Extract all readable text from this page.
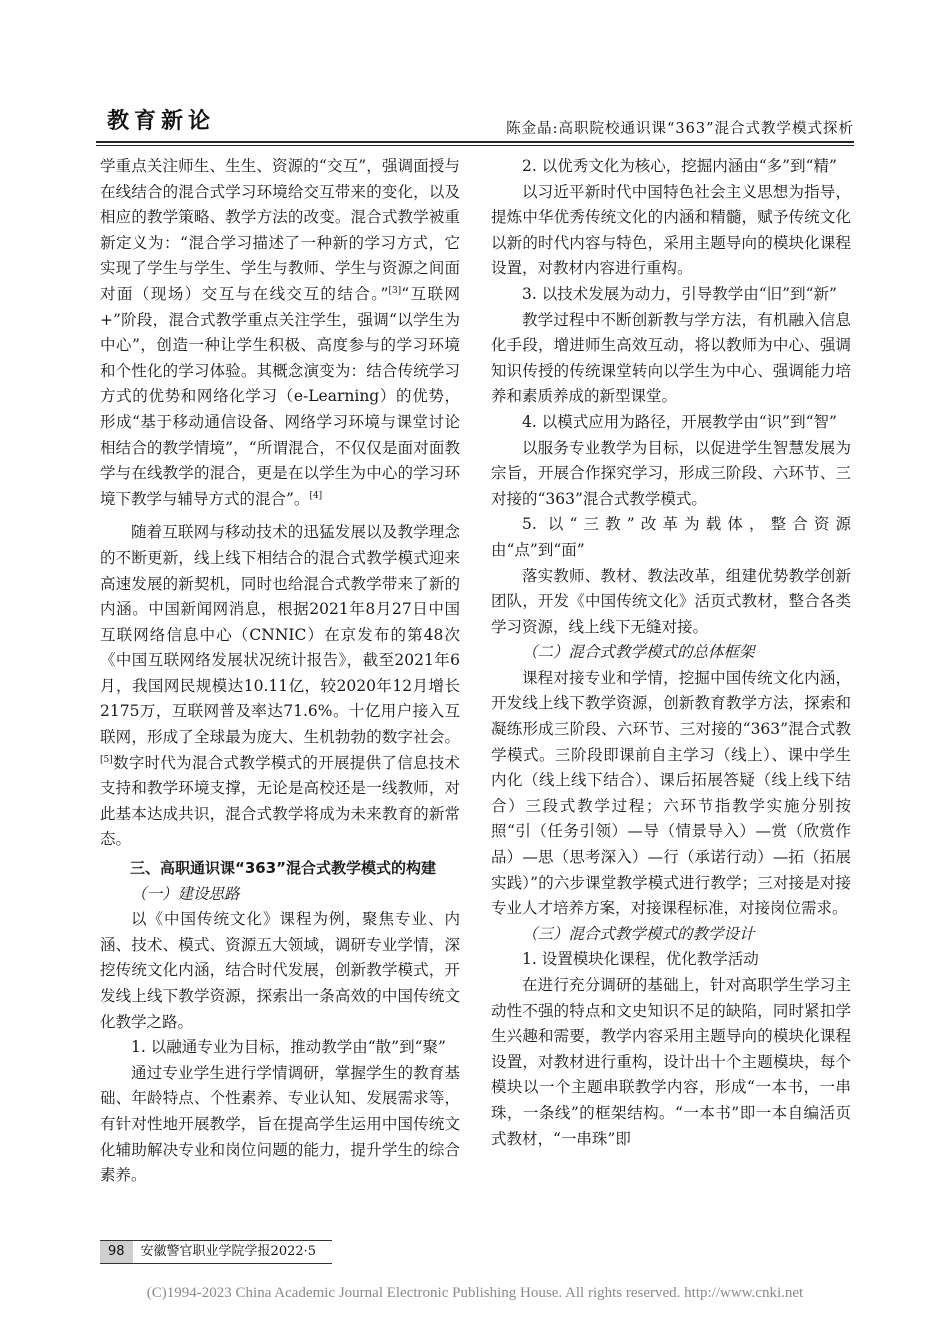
教育新论	陈金晶:高职院校通识课“363”混合式教学模式探析

学重点关注师生、生生、资源的“交互”，强调面授与在线结合的混合式学习环境给交互带来的变化，以及相应的教学策略、教学方法的改变。混合式教学被重新定义为：“混合学习描述了一种新的学习方式，它实现了学生与学生、学生与教师、学生与资源之间面对面（现场）交互与在线交互的结合。”[3]“互联网+”阶段，混合式教学重点关注学生，强调“以学生为中心”，创造一种让学生积极、高度参与的学习环境和个性化的学习体验。其概念演变为：结合传统学习方式的优势和网络化学习（e-Learning）的优势，形成“基于移动通信设备、网络学习环境与课堂讨论相结合的教学情境”，“所谓混合，不仅仅是面对面教学与在线教学的混合，更是在以学生为中心的学习环境下教学与辅导方式的混合”。[4]

随着互联网与移动技术的迅猛发展以及教学理念的不断更新，线上线下相结合的混合式教学模式迎来高速发展的新契机，同时也给混合式教学带来了新的内涵。中国新闻网消息，根据2021年8月27日中国互联网络信息中心（CNNIC）在京发布的第48次《中国互联网络发展状况统计报告》，截至2021年6月，我国网民规模达10.11亿，较2020年12月增长2175万，互联网普及率达71.6%。十亿用户接入互联网，形成了全球最为庞大、生机勃勃的数字社会。[5]数字时代为混合式教学模式的开展提供了信息技术支持和教学环境支撑，无论是高校还是一线教师，对此基本达成共识，混合式教学将成为未来教育的新常态。

三、高职通识课“363”混合式教学模式的构建

（一）建设思路

以《中国传统文化》课程为例，聚焦专业、内涵、技术、模式、资源五大领域，调研专业学情，深挖传统文化内涵，结合时代发展，创新教学模式，开发线上线下教学资源，探索出一条高效的中国传统文化教学之路。

1. 以融通专业为目标，推动教学由“散”到“聚”

通过专业学生进行学情调研，掌握学生的教育基础、年龄特点、个性素养、专业认知、发展需求等，有针对性地开展教学，旨在提高学生运用中国传统文化辅助解决专业和岗位问题的能力，提升学生的综合素养。

2. 以优秀文化为核心，挖掘内涵由“多”到“精”

以习近平新时代中国特色社会主义思想为指导，提炼中华优秀传统文化的内涵和精髓，赋予传统文化以新的时代内容与特色，采用主题导向的模块化课程设置，对教材内容进行重构。

3. 以技术发展为动力，引导教学由“旧”到“新”

教学过程中不断创新教与学方法，有机融入信息化手段，增进师生高效互动，将以教师为中心、强调知识传授的传统课堂转向以学生为中心、强调能力培养和素质养成的新型课堂。

4. 以模式应用为路径，开展教学由“识”到“智”

以服务专业教学为目标，以促进学生智慧发展为宗旨，开展合作探究学习，形成三阶段、六环节、三对接的“363”混合式教学模式。

5. 以“三教”改革为载体，整合资源由“点”到“面”

落实教师、教材、教法改革，组建优势教学创新团队，开发《中国传统文化》活页式教材，整合各类学习资源，线上线下无缝对接。

（二）混合式教学模式的总体框架

课程对接专业和学情，挖掘中国传统文化内涵，开发线上线下教学资源，创新教育教学方法，探索和凝练形成三阶段、六环节、三对接的“363”混合式教学模式。三阶段即课前自主学习（线上）、课中学生内化（线上线下结合）、课后拓展答疑（线上线下结合）三段式教学过程；六环节指教学实施分别按照“引（任务引领）—导（情景导入）—赏（欣赏作品）—思（思考深入）—行（承诺行动）—拓（拓展实践）”的六步课堂教学模式进行教学；三对接是对接专业人才培养方案，对接课程标准，对接岗位需求。

（三）混合式教学模式的教学设计

1. 设置模块化课程，优化教学活动

在进行充分调研的基础上，针对高职学生学习主动性不强的特点和文史知识不足的缺陷，同时紧扣学生兴趣和需要，教学内容采用主题导向的模块化课程设置，对教材进行重构，设计出十个主题模块，每个模块以一个主题串联教学内容，形成“一本书，一串珠，一条线”的框架结构。“一本书”即一本自编活页式教材，“一串珠”即

98 安徽警官职业学院学报2022·5
(C)1994-2023 China Academic Journal Electronic Publishing House. All rights reserved. http://www.cnki.net
